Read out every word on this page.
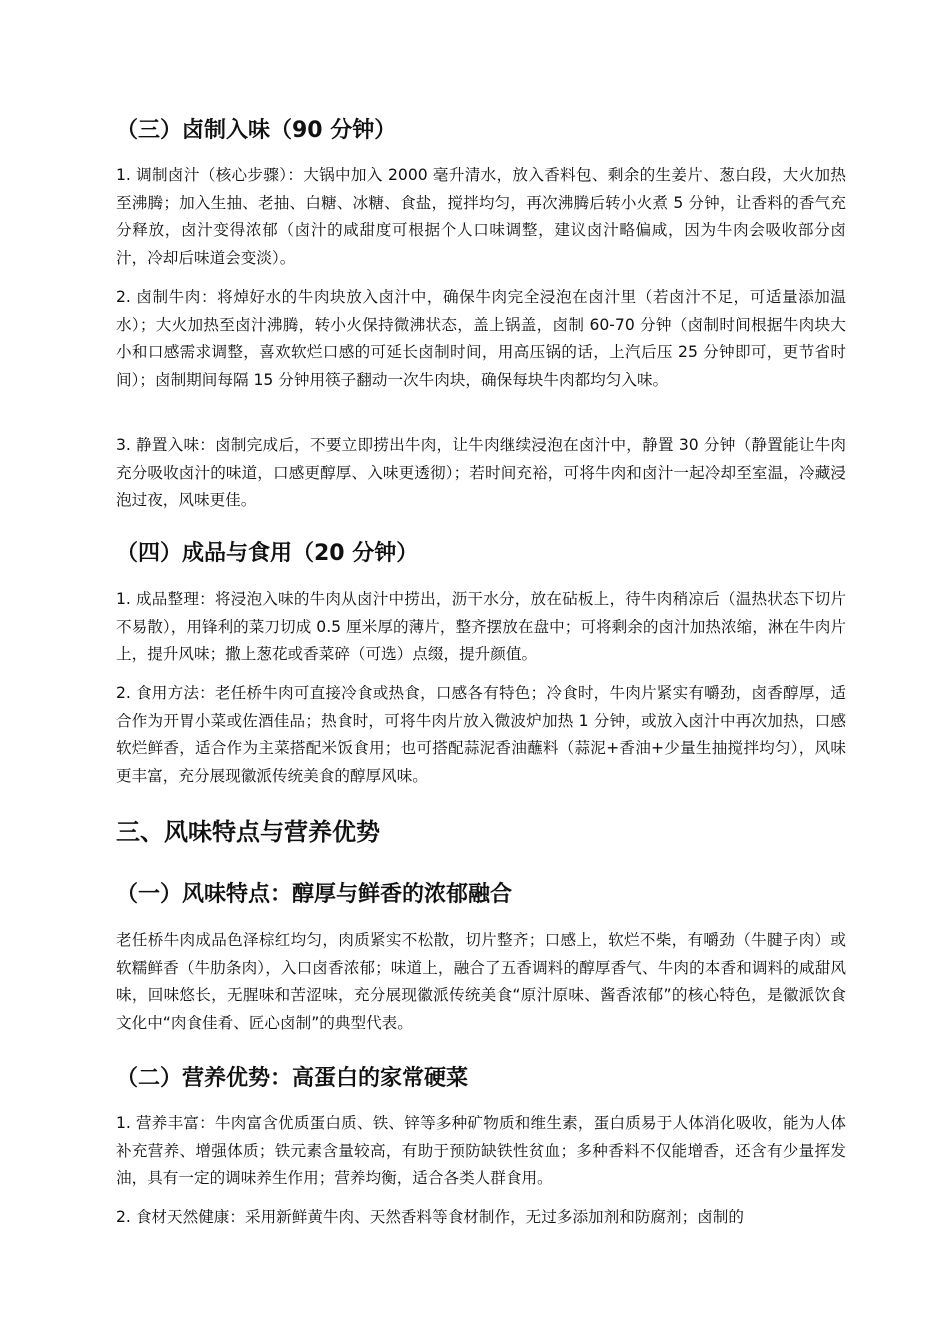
（三）卤制入味（90 分钟）

1. 调制卤汁（核心步骤）：大锅中加入 2000 毫升清水，放入香料包、剩余的生姜片、葱白段，大火加热至沸腾；加入生抽、老抽、白糖、冰糖、食盐，搅拌均匀，再次沸腾后转小火煮 5 分钟，让香料的香气充分释放，卤汁变得浓郁（卤汁的咸甜度可根据个人口味调整，建议卤汁略偏咸，因为牛肉会吸收部分卤汁，冷却后味道会变淡）。

2. 卤制牛肉：将焯好水的牛肉块放入卤汁中，确保牛肉完全浸泡在卤汁里（若卤汁不足，可适量添加温水）；大火加热至卤汁沸腾，转小火保持微沸状态，盖上锅盖，卤制 60-70 分钟（卤制时间根据牛肉块大小和口感需求调整，喜欢软烂口感的可延长卤制时间，用高压锅的话，上汽后压 25 分钟即可，更节省时间）；卤制期间每隔 15 分钟用筷子翻动一次牛肉块，确保每块牛肉都均匀入味。

3. 静置入味：卤制完成后，不要立即捞出牛肉，让牛肉继续浸泡在卤汁中，静置 30 分钟（静置能让牛肉充分吸收卤汁的味道，口感更醇厚、入味更透彻）；若时间充裕，可将牛肉和卤汁一起冷却至室温，冷藏浸泡过夜，风味更佳。

（四）成品与食用（20 分钟）

1. 成品整理：将浸泡入味的牛肉从卤汁中捞出，沥干水分，放在砧板上，待牛肉稍凉后（温热状态下切片不易散），用锋利的菜刀切成 0.5 厘米厚的薄片，整齐摆放在盘中；可将剩余的卤汁加热浓缩，淋在牛肉片上，提升风味；撒上葱花或香菜碎（可选）点缀，提升颜值。

2. 食用方法：老任桥牛肉可直接冷食或热食，口感各有特色；冷食时，牛肉片紧实有嚼劲，卤香醇厚，适合作为开胃小菜或佐酒佳品；热食时，可将牛肉片放入微波炉加热 1 分钟，或放入卤汁中再次加热，口感软烂鲜香，适合作为主菜搭配米饭食用；也可搭配蒜泥香油蘸料（蒜泥+香油+少量生抽搅拌均匀），风味更丰富，充分展现徽派传统美食的醇厚风味。

三、风味特点与营养优势
（一）风味特点：醇厚与鲜香的浓郁融合

老任桥牛肉成品色泽棕红均匀，肉质紧实不松散，切片整齐；口感上，软烂不柴，有嚼劲（牛腱子肉）或软糯鲜香（牛肋条肉），入口卤香浓郁；味道上，融合了五香调料的醇厚香气、牛肉的本香和调料的咸甜风味，回味悠长，无腥味和苦涩味，充分展现徽派传统美食“原汁原味、酱香浓郁”的核心特色，是徽派饮食文化中“肉食佳肴、匠心卤制”的典型代表。

（二）营养优势：高蛋白的家常硬菜

1. 营养丰富：牛肉富含优质蛋白质、铁、锌等多种矿物质和维生素，蛋白质易于人体消化吸收，能为人体补充营养、增强体质；铁元素含量较高，有助于预防缺铁性贫血；多种香料不仅能增香，还含有少量挥发油，具有一定的调味养生作用；营养均衡，适合各类人群食用。

2. 食材天然健康：采用新鲜黄牛肉、天然香料等食材制作，无过多添加剂和防腐剂；卤制的
